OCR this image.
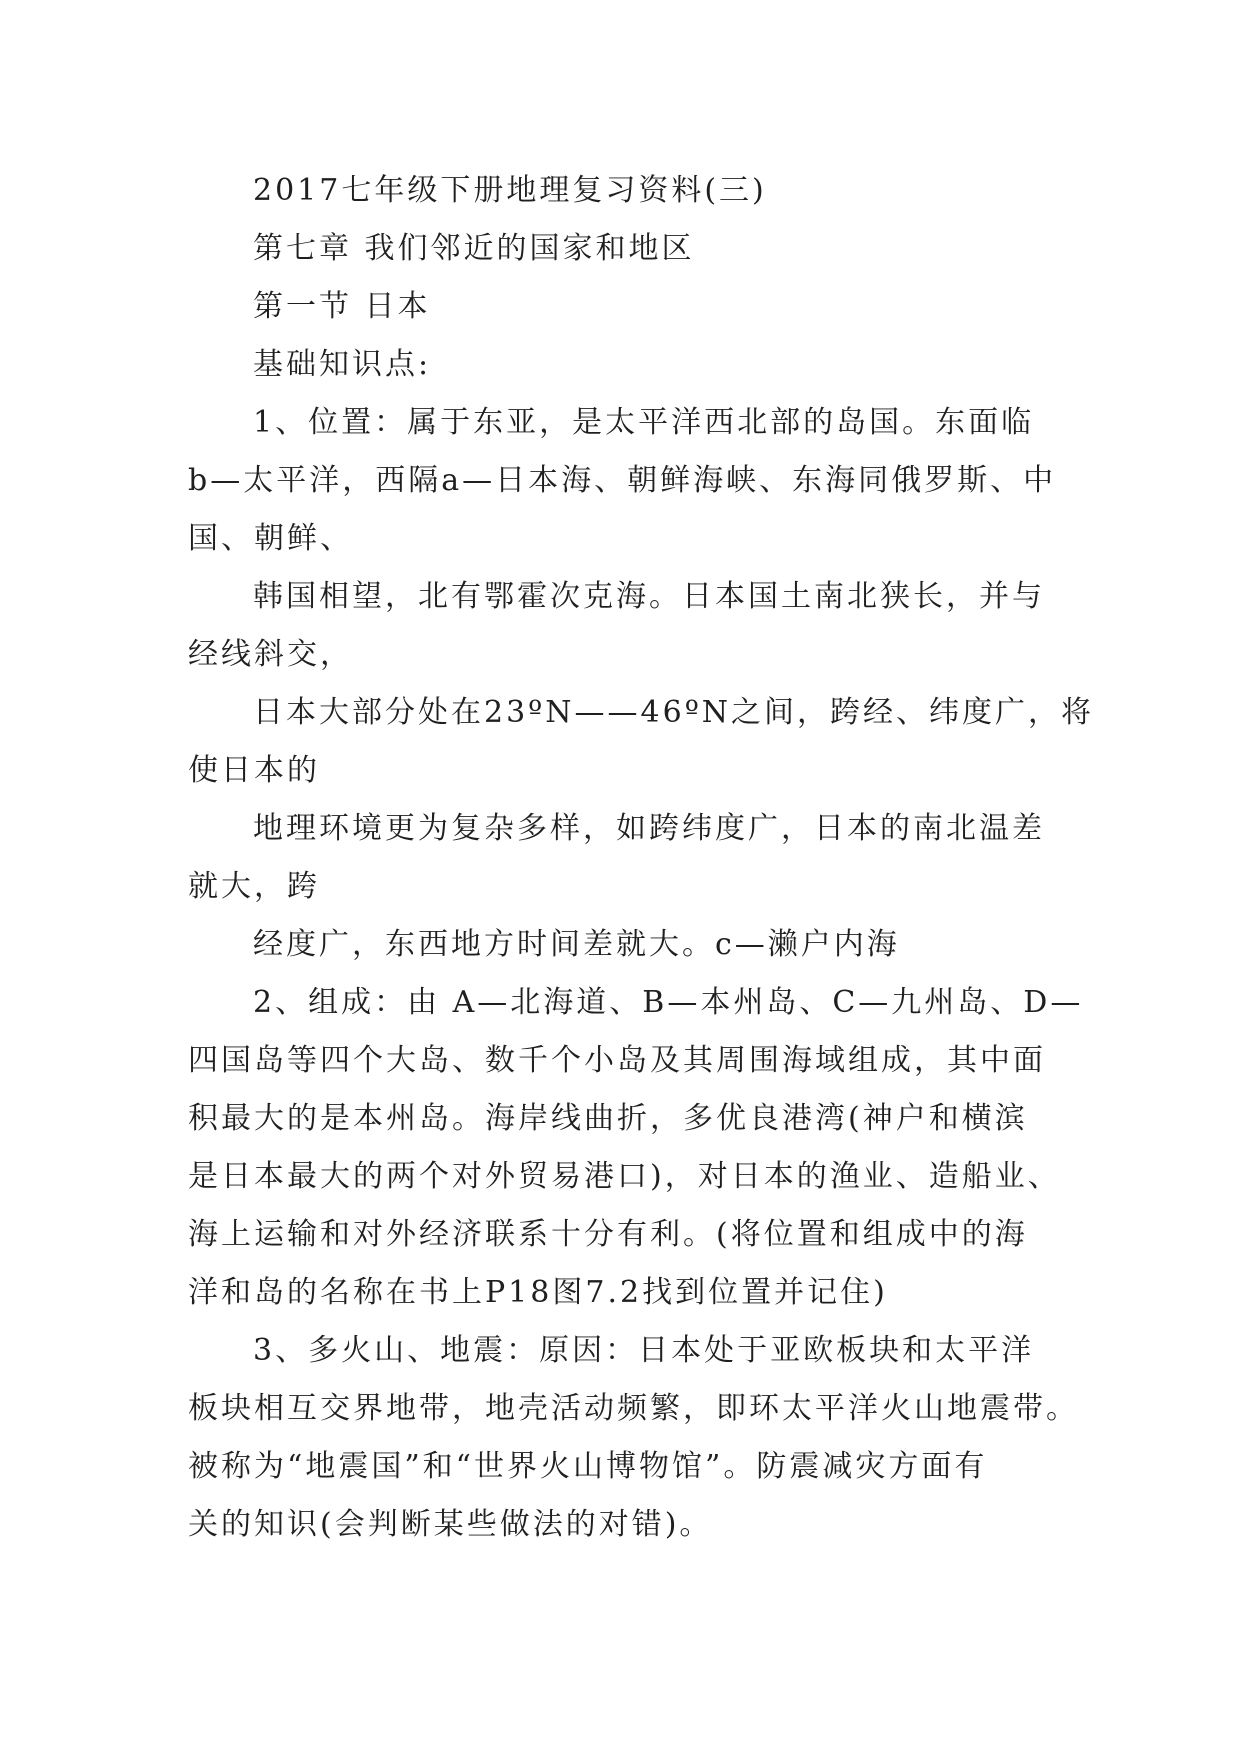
2017七年级下册地理复习资料(三)
第七章 我们邻近的国家和地区
第一节 日本
基础知识点:
1、位置：属于东亚，是太平洋西北部的岛国。东面临
b—太平洋，西隔a—日本海、朝鲜海峡、东海同俄罗斯、中
国、朝鲜、
韩国相望，北有鄂霍次克海。日本国土南北狭长，并与
经线斜交，
日本大部分处在23ºN——46ºN之间，跨经、纬度广，将
使日本的
地理环境更为复杂多样，如跨纬度广，日本的南北温差
就大，跨
经度广，东西地方时间差就大。c—濑户内海
2、组成：由 A—北海道、B—本州岛、C—九州岛、D—
四国岛等四个大岛、数千个小岛及其周围海域组成，其中面
积最大的是本州岛。海岸线曲折，多优良港湾(神户和横滨
是日本最大的两个对外贸易港口)，对日本的渔业、造船业、
海上运输和对外经济联系十分有利。(将位置和组成中的海
洋和岛的名称在书上P18图7.2找到位置并记住)
3、多火山、地震：原因：日本处于亚欧板块和太平洋
板块相互交界地带，地壳活动频繁，即环太平洋火山地震带。
被称为“地震国”和“世界火山博物馆”。防震减灾方面有
关的知识(会判断某些做法的对错)。
